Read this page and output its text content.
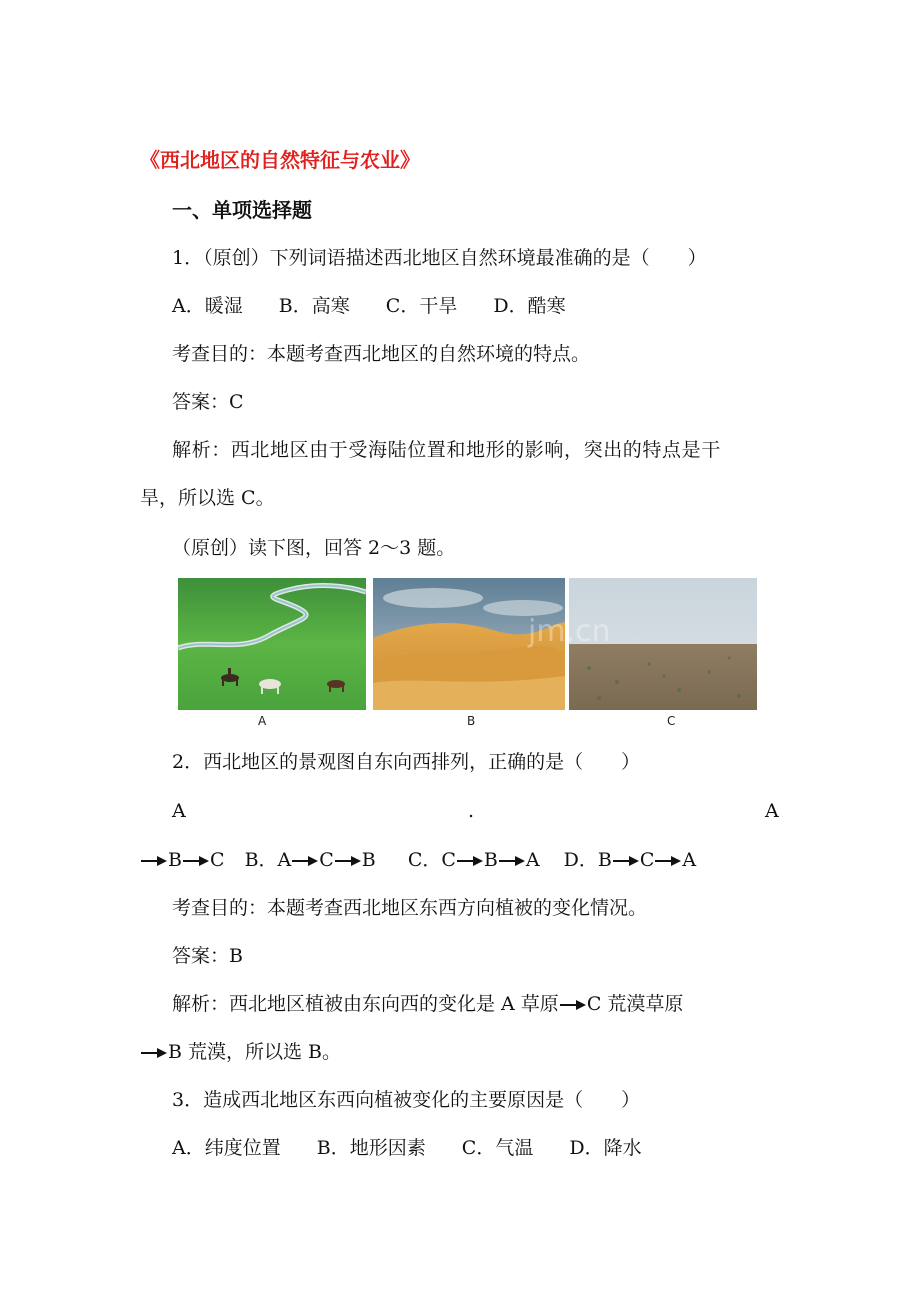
《西北地区的自然特征与农业》
一、单项选择题
1．（原创）下列词语描述西北地区自然环境最准确的是（　　）
A．暖湿 B．高寒 C．干旱 D．酷寒
考查目的：本题考查西北地区的自然环境的特点。
答案：C
解析：西北地区由于受海陆位置和地形的影响，突出的特点是干
旱，所以选 C。
（原创）读下图，回答 2～3 题。
A	B	C
jm.cn
2．西北地区的景观图自东向西排列，正确的是（　　）
A	.	A
B C B．A C B C．C B A D．B C A
考查目的：本题考查西北地区东西方向植被的变化情况。
答案：B
解析：西北地区植被由东向西的变化是 A 草原 C 荒漠草原
B 荒漠，所以选 B。
3．造成西北地区东西向植被变化的主要原因是（　　）
A．纬度位置 B．地形因素 C．气温 D．降水
